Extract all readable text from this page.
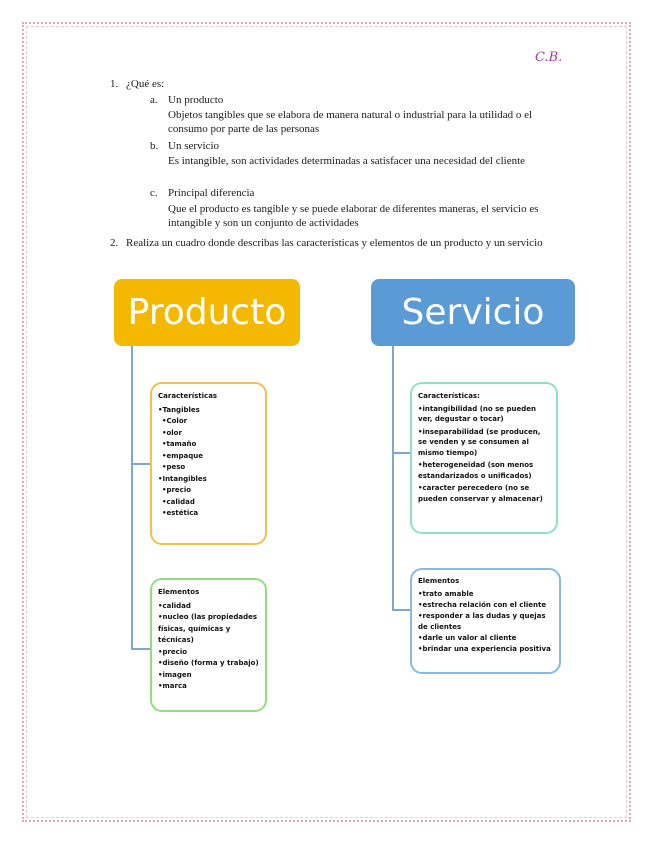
C.B.
1. ¿Qué es:
a. Un producto
Objetos tangibles que se elabora de manera natural o industrial para la utilidad o el consumo por parte de las personas
b. Un servicio
Es intangible, son actividades determinadas a satisfacer una necesidad del cliente
c. Principal diferencia
Que el producto es tangible y se puede elaborar de diferentes maneras, el servicio es intangible y son un conjunto de actividades
2. Realiza un cuadro donde describas las características y elementos de un producto y un servicio
Producto
Características
•Tangibles
•Color
•olor
•tamaño
•empaque
•peso
•Intangibles
•precio
•calidad
•estética
Elementos
•calidad
•nucleo (las propiedades físicas, químicas y técnicas)
•precio
•diseño (forma y trabajo)
•imagen
•marca
Servicio
Características:
•intangibilidad (no se pueden ver, degustar o tocar)
•inseparabilidad (se producen, se venden y se consumen al mismo tiempo)
•heterogeneidad (son menos estandarizados o unificados)
•caracter perecedero (no se pueden conservar y almacenar)
Elementos
•trato amable
•estrecha relación con el cliente
•responder a las dudas y quejas de clientes
•darle un valor al cliente
•brindar una experiencia positiva
